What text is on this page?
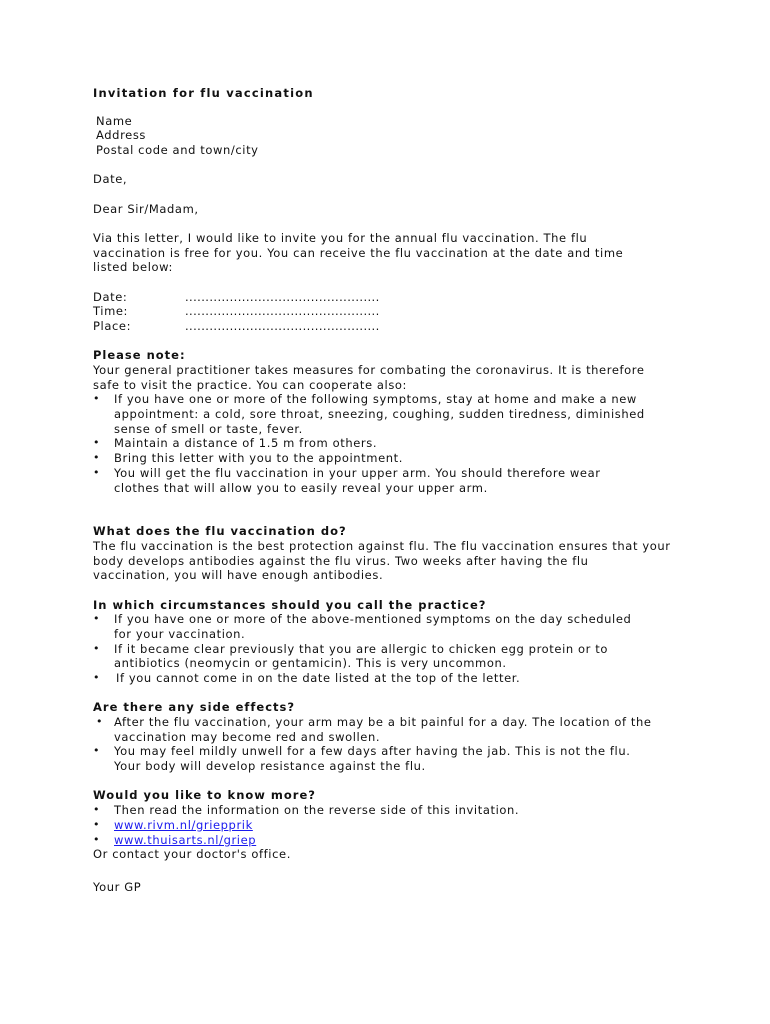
Invitation for flu vaccination
Name
Address
Postal code and town/city
Date,
Dear Sir/Madam,
Via this letter, I would like to invite you for the annual flu vaccination. The flu
vaccination is free for you. You can receive the flu vaccination at the date and time
listed below:
Date:	................................................
Time:	................................................
Place:	................................................
Please note:
Your general practitioner takes measures for combating the coronavirus. It is therefore
safe to visit the practice. You can cooperate also:
• If you have one or more of the following symptoms, stay at home and make a new
appointment: a cold, sore throat, sneezing, coughing, sudden tiredness, diminished
sense of smell or taste, fever.
• Maintain a distance of 1.5 m from others.
• Bring this letter with you to the appointment.
• You will get the flu vaccination in your upper arm. You should therefore wear
clothes that will allow you to easily reveal your upper arm.
What does the flu vaccination do?
The flu vaccination is the best protection against flu. The flu vaccination ensures that your
body develops antibodies against the flu virus. Two weeks after having the flu
vaccination, you will have enough antibodies.
In which circumstances should you call the practice?
• If you have one or more of the above-mentioned symptoms on the day scheduled
for your vaccination.
• If it became clear previously that you are allergic to chicken egg protein or to
antibiotics (neomycin or gentamicin). This is very uncommon.
• If you cannot come in on the date listed at the top of the letter.
Are there any side effects?
• After the flu vaccination, your arm may be a bit painful for a day. The location of the
vaccination may become red and swollen.
• You may feel mildly unwell for a few days after having the jab. This is not the flu.
Your body will develop resistance against the flu.
Would you like to know more?
• Then read the information on the reverse side of this invitation.
• www.rivm.nl/griepprik
• www.thuisarts.nl/griep
Or contact your doctor's office.
Your GP
